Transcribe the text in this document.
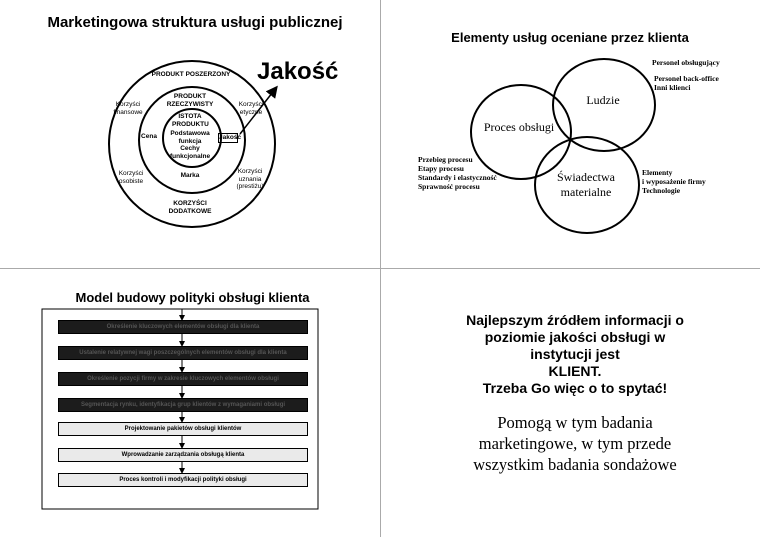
Marketingowa struktura usługi publicznej
Jakość
PRODUKT POSZERZONY
PRODUKT RZECZYWISTY
ISTOTA PRODUKTU
Podstawowa funkcja Cechy funkcjonalne
Cena
Marka
Jakość
Korzyści finansowe
Korzyści etyczne
Korzyści osobiste
Korzyści uznania (prestiżu)
KORZYŚCI DODATKOWE
Elementy usług oceniane przez klienta
Proces obsługi
Ludzie
Świadectwa materialne
Personel obsługujący
Personel back-office
Inni klienci
Przebieg procesu
Etapy procesu
Standardy i elastyczność
Sprawność procesu
Elementy
i wyposażenie firmy
Technologie
Model budowy polityki obsługi klienta
Określenie kluczowych elementów obsługi dla klienta
Ustalenie relatywnej wagi poszczególnych elementów obsługi dla klienta
Określenie pozycji firmy w zakresie kluczowych elementów obsługi
Segmentacja rynku, identyfikacja grup klientów z wymaganiami obsługi
Projektowanie pakietów obsługi klientów
Wprowadzanie zarządzania obsługą klienta
Proces kontroli i modyfikacji polityki obsługi
Najlepszym źródłem informacji o
poziomie jakości obsługi w
instytucji jest
KLIENT.
Trzeba Go więc o to spytać!
Pomogą w tym badania
marketingowe, w tym przede
wszystkim badania sondażowe
